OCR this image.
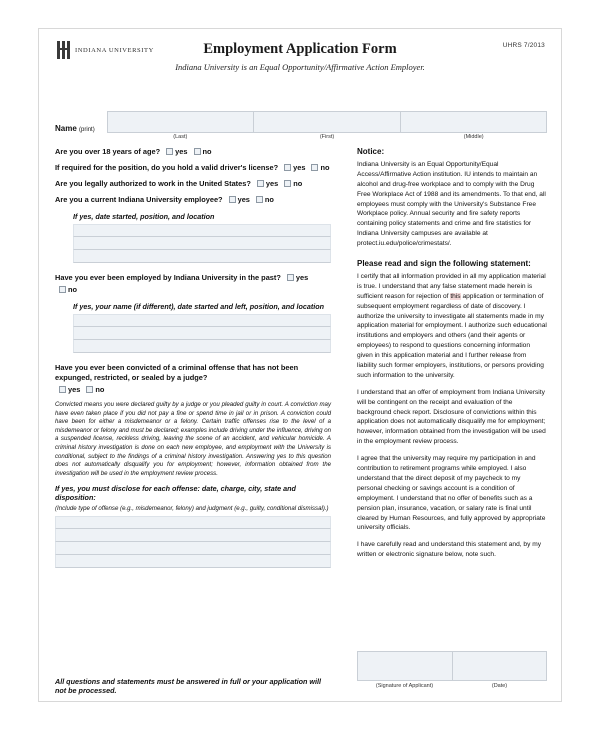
INDIANA UNIVERSITY	Employment Application Form
Indiana University is an Equal Opportunity/Affirmative Action Employer.
UHRS 7/2013
Name (print)
(Last)	(First)	(Middle)
Are you over 18 years of age? yes no
If required for the position, do you hold a valid driver's license? yes no
Are you legally authorized to work in the United States? yes no
Are you a current Indiana University employee? yes no
If yes, date started, position, and location
Have you ever been employed by Indiana University in the past? yes
no
If yes, your name (if different), date started and left, position, and location
Have you ever been convicted of a criminal offense that has not been expunged, restricted, or sealed by a judge?
yes no
Convicted means you were declared guilty by a judge or you pleaded guilty in court. A conviction may have even taken place if you did not pay a fine or spend time in jail or in prison. A conviction could have been for either a misdemeanor or a felony. Certain traffic offenses rise to the level of a misdemeanor or felony and must be declared; examples include driving under the influence, driving on a suspended license, reckless driving, leaving the scene of an accident, and vehicular homicide. A criminal history investigation is done on each new employee, and employment with the University is conditional, subject to the findings of a criminal history investigation. Answering yes to this question does not automatically disqualify you for employment; however, information obtained from the investigation will be used in the employment review process.
If yes, you must disclose for each offense: date, charge, city, state and disposition:
(Include type of offense (e.g., misdemeanor, felony) and judgment (e.g., guilty, conditional dismissal).)
All questions and statements must be answered in full or your application will not be processed.
Notice:
Indiana University is an Equal Opportunity/Equal Access/Affirmative Action institution. IU intends to maintain an alcohol and drug-free workplace and to comply with the Drug Free Workplace Act of 1988 and its amendments. To that end, all employees must comply with the University's Substance Free Workplace policy. Annual security and fire safety reports containing policy statements and crime and fire statistics for Indiana University campuses are available at protect.iu.edu/police/crimestats/.
Please read and sign the following statement:
I certify that all information provided in all my application material is true. I understand that any false statement made herein is sufficient reason for rejection of this application or termination of subsequent employment regardless of date of discovery. I authorize the university to investigate all statements made in my application material for employment. I authorize such educational institutions and employers and others (and their agents or employees) to respond to questions concerning information given in this application material and I further release from liability such former employers, institutions, or persons providing such information to the university.
I understand that an offer of employment from Indiana University will be contingent on the receipt and evaluation of the background check report. Disclosure of convictions within this application does not automatically disqualify me for employment; however, information obtained from the investigation will be used in the employment review process.
I agree that the university may require my participation in and contribution to retirement programs while employed. I also understand that the direct deposit of my paycheck to my personal checking or savings account is a condition of employment. I understand that no offer of benefits such as a pension plan, insurance, vacation, or salary rate is final until cleared by Human Resources, and fully approved by appropriate university officials.
I have carefully read and understand this statement and, by my written or electronic signature below, note such.
(Signature of Applicant)	(Date)
